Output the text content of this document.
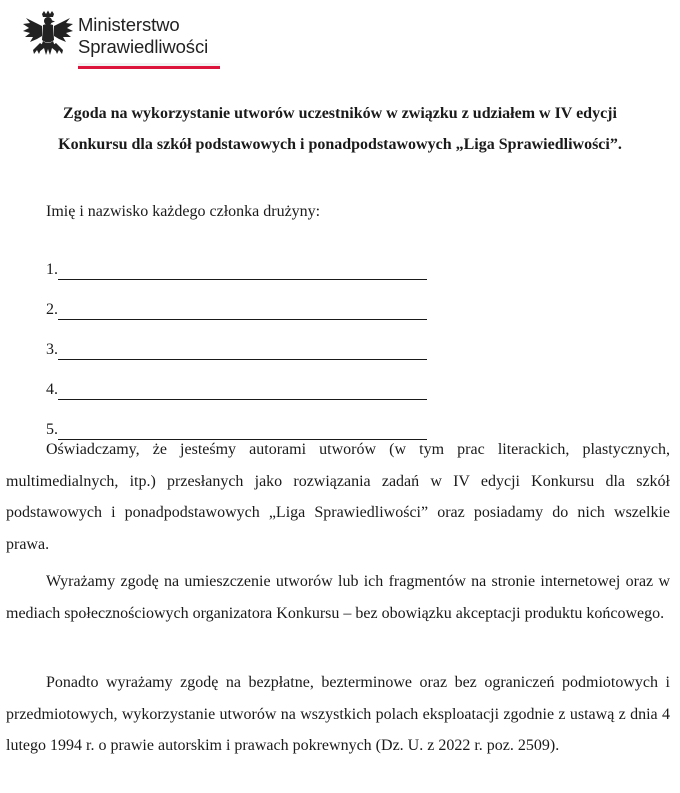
Ministerstwo
Sprawiedliwości
Zgoda na wykorzystanie utworów uczestników w związku z udziałem w IV edycji
Konkursu dla szkół podstawowych i ponadpodstawowych „Liga Sprawiedliwości”.
Imię i nazwisko każdego członka drużyny:
1.
2.
3.
4.
5.

Oświadczamy, że jesteśmy autorami utworów (w tym prac literackich, plastycznych, multimedialnych, itp.) przesłanych jako rozwiązania zadań w IV edycji Konkursu dla szkół podstawowych i ponadpodstawowych „Liga Sprawiedliwości” oraz posiadamy do nich wszelkie prawa.

Wyrażamy zgodę na umieszczenie utworów lub ich fragmentów na stronie internetowej oraz w mediach społecznościowych organizatora Konkursu – bez obowiązku akceptacji produktu końcowego.

Ponadto wyrażamy zgodę na bezpłatne, bezterminowe oraz bez ograniczeń podmiotowych i przedmiotowych, wykorzystanie utworów na wszystkich polach eksploatacji zgodnie z ustawą z dnia 4 lutego 1994 r. o prawie autorskim i prawach pokrewnych (Dz. U. z 2022 r. poz. 2509).
